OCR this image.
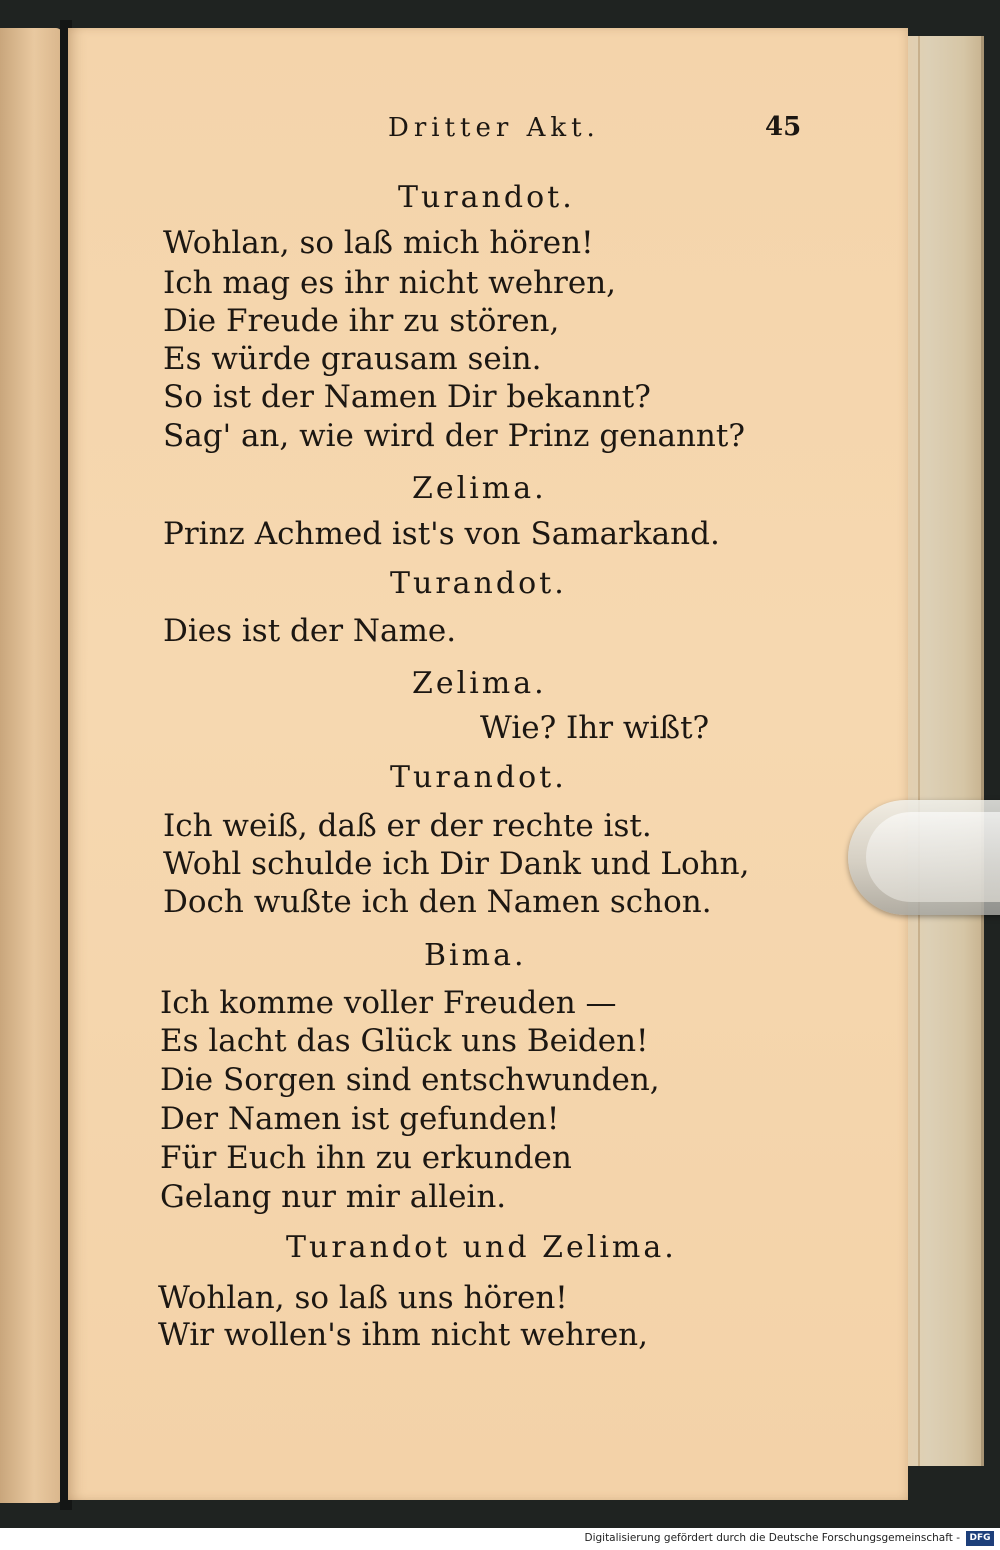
Dritter Akt.	45
Turandot.
Wohlan, so laß mich hören!
Ich mag es ihr nicht wehren,
Die Freude ihr zu stören,
Es würde grausam sein.
So ist der Namen Dir bekannt?
Sag' an, wie wird der Prinz genannt?
Zelima.
Prinz Achmed ist's von Samarkand.
Turandot.
Dies ist der Name.
Zelima.
Wie? Ihr wißt?
Turandot.
Ich weiß, daß er der rechte ist.
Wohl schulde ich Dir Dank und Lohn,
Doch wußte ich den Namen schon.
Bima.
Ich komme voller Freuden —
Es lacht das Glück uns Beiden!
Die Sorgen sind entschwunden,
Der Namen ist gefunden!
Für Euch ihn zu erkunden
Gelang nur mir allein.
Turandot und Zelima.
Wohlan, so laß uns hören!
Wir wollen's ihm nicht wehren,
Digitalisierung gefördert durch die Deutsche Forschungsgemeinschaft -	DFG
